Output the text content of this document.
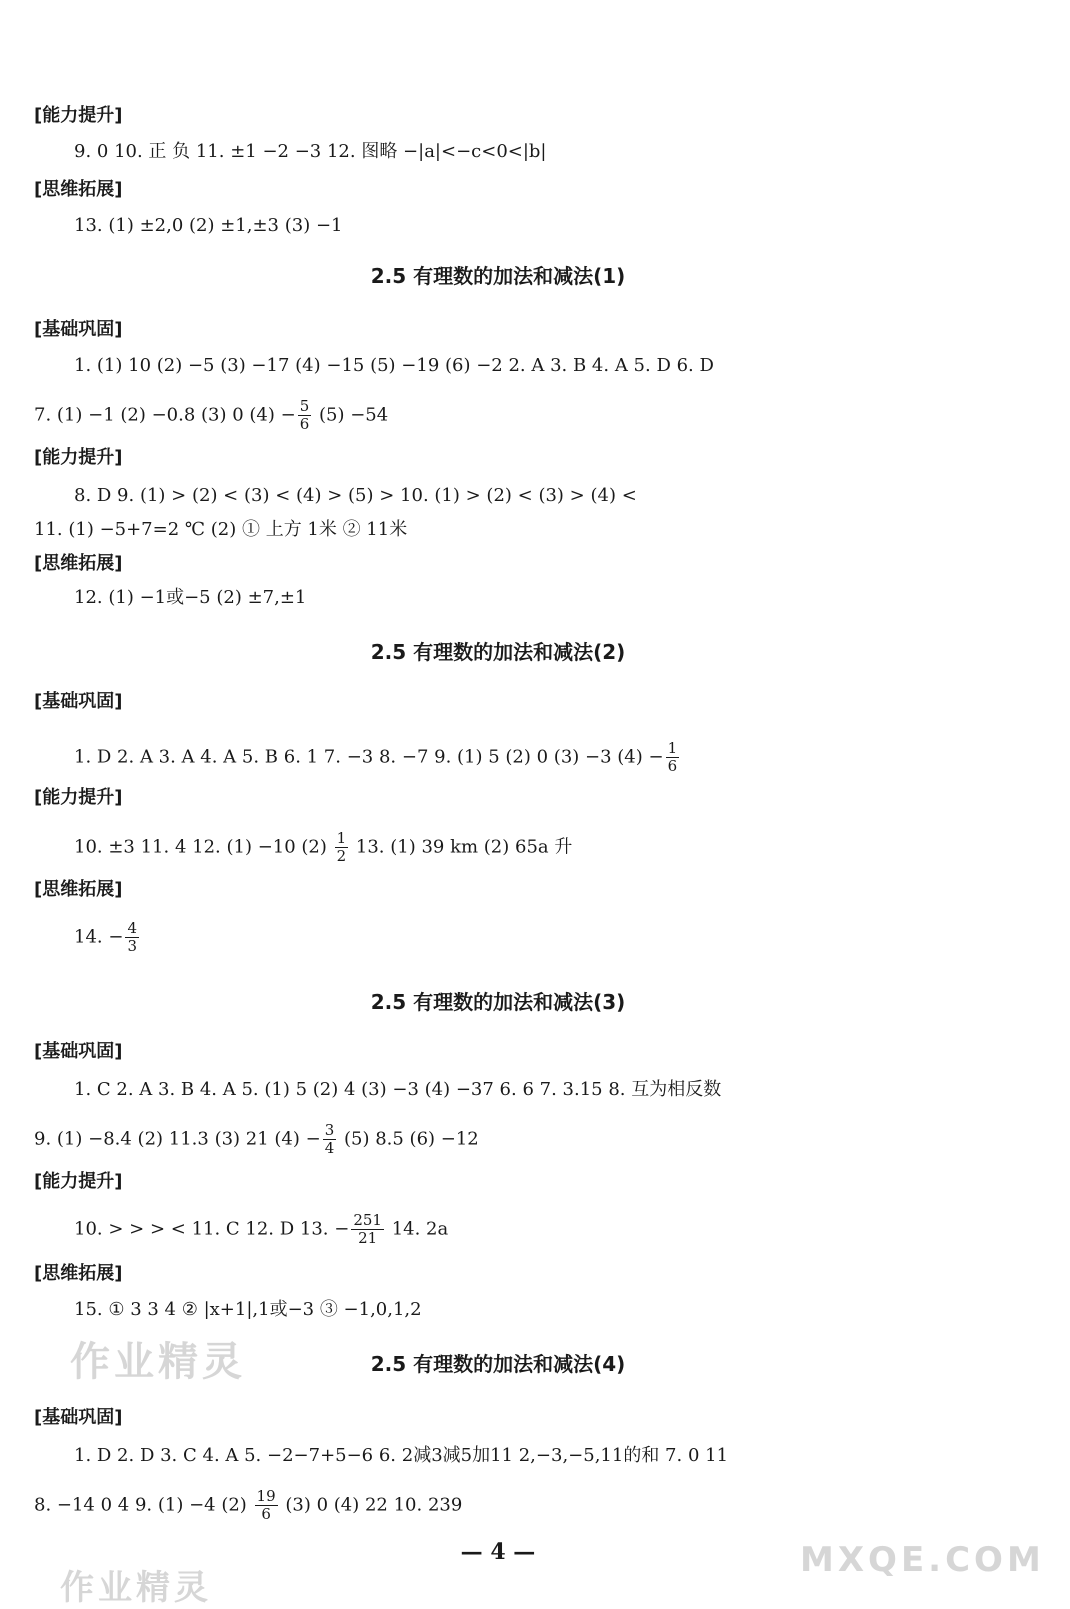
[能力提升]
9. 0 10. 正 负 11. ±1 −2 −3 12. 图略 −|a|<−c<0<|b|
[思维拓展]
13. (1) ±2,0 (2) ±1,±3 (3) −1
2.5 有理数的加法和减法(1)
[基础巩固]
1. (1) 10 (2) −5 (3) −17 (4) −15 (5) −19 (6) −2 2. A 3. B 4. A 5. D 6. D
7. (1) −1 (2) −0.8 (3) 0 $(4) - \frac{5}{6} (5) -54$
[能力提升]
8. D 9. (1) > (2) < (3) < (4) > (5) > 10. (1) > (2) < (3) > (4) <
11. (1) −5+7=2 ℃ (2) ① 上方 1米 ② 11米
[思维拓展]
12. (1) −1或−5 (2) ±7,±1
2.5 有理数的加法和减法(2)
[基础巩固]
1. D 2. A 3. A 4. A 5. B 6. 1 7. −3 8. −7 9. (1) 5 (2) 0 (3) −3 $(4) - \frac{1}{6}$
[能力提升]
10. ±3 11. 4 12. (1) −10 $(2) \frac{1}{2} 13$. (1) 39 km (2) 65a 升
[思维拓展]
14. − $\frac{4}{3}$
2.5 有理数的加法和减法(3)
[基础巩固]
1. C 2. A 3. B 4. A 5. (1) 5 (2) 4 (3) −3 (4) −37 6. 6 7. 3.15 8. 互为相反数
9. (1) −8.4 (2) 11.3 (3) 21 $(4) - \frac{3}{4} (5)$ 8.5 (6) −12
[能力提升]
10. > > > < 11. C 12. D 13. − $\frac{251}{21} 14$. 2a
[思维拓展]
15. ① 3 3 4 ② |x+1|,1或−3 ③ −1,0,1,2
2.5 有理数的加法和减法(4)
[基础巩固]
1. D 2. D 3. C 4. A 5. −2−7+5−6 6. 2减3减5加11 2,−3,−5,11的和 7. 0 11
8. −14 0 4 9. (1) −4 $(2) \frac{19}{6} (3)$ 0 (4) 22 10. 239
— 4 —
作业精灵
作业精灵
MXQE.COM
